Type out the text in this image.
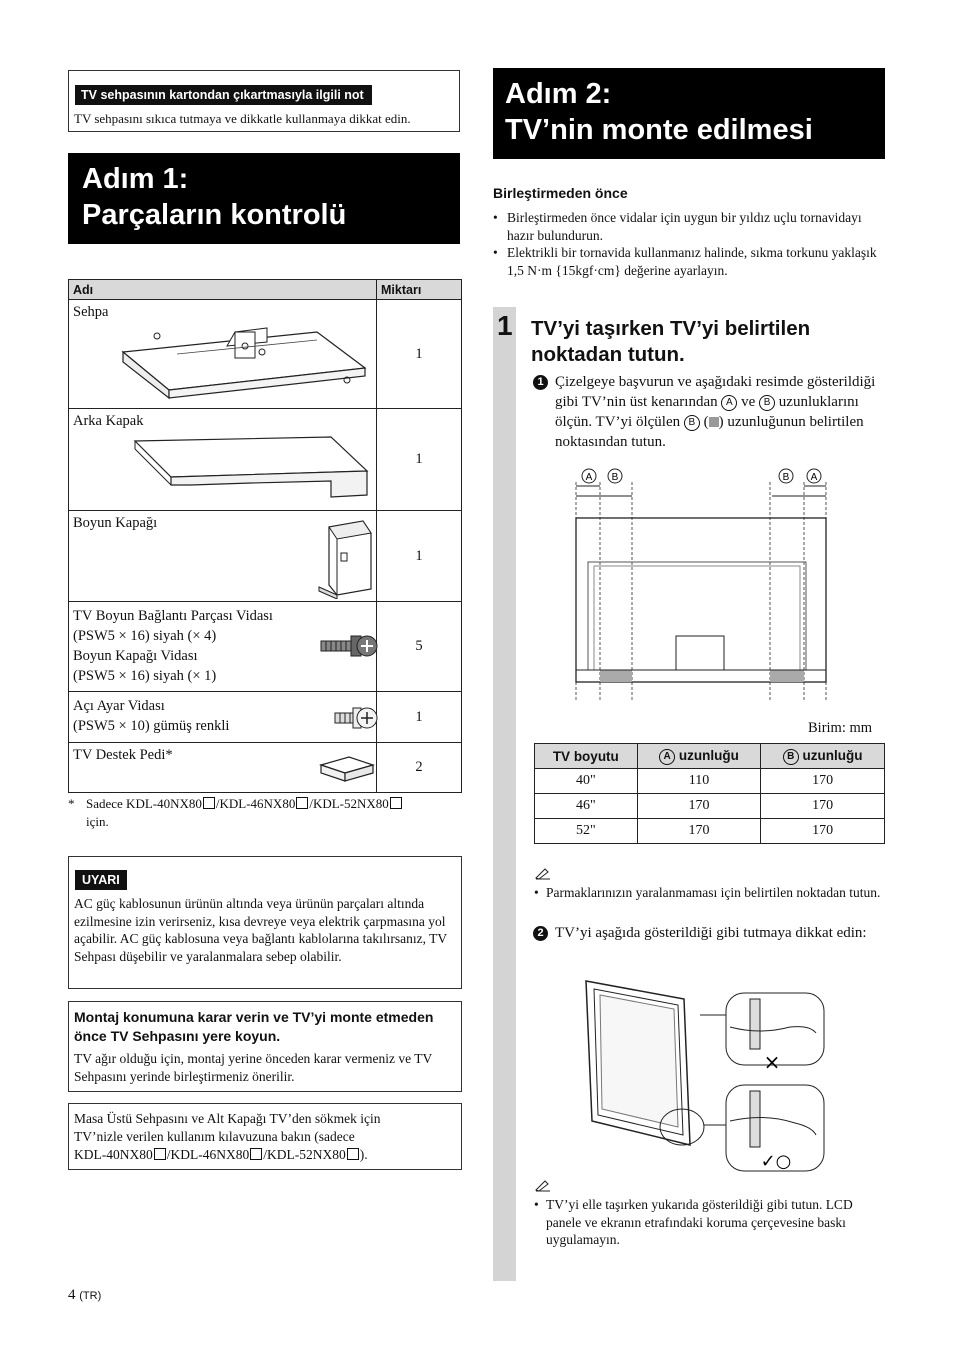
TV sehpasının kartondan çıkartmasıyla ilgili not
TV sehpasını sıkıca tutmaya ve dikkatle kullanmaya dikkat edin.
Adım 1:
Parçaların kontrolü
Adı	Miktarı
Sehpa	1
Arka Kapak	1
Boyun Kapağı	1

TV Boyun Bağlantı Parçası Vidası
(PSW5 × 16) siyah (× 4)
Boyun Kapağı Vidası
(PSW5 × 16) siyah (× 1)	5

Açı Ayar Vidası
(PSW5 × 10) gümüş renkli	1
TV Destek Pedi*	2
* Sadece KDL-40NX80 /KDL-46NX80 /KDL-52NX80
için.
UYARI
AC güç kablosunun ürünün altında veya ürünün parçaları altında ezilmesine izin verirseniz, kısa devreye veya elektrik çarpmasına yol açabilir. AC güç kablosuna veya bağlantı kablolarına takılırsanız, TV Sehpası düşebilir ve yaralanmalara sebep olabilir.
Montaj konumuna karar verin ve TV’yi monte etmeden önce TV Sehpasını yere koyun.
TV ağır olduğu için, montaj yerine önceden karar vermeniz ve TV Sehpasını yerinde birleştirmeniz önerilir.
Masa Üstü Sehpasını ve Alt Kapağı TV’den sökmek için
TV’nizle verilen kullanım kılavuzuna bakın (sadece
KDL-40NX80 /KDL-46NX80 /KDL-52NX80 ).
Adım 2:
TV’nin monte edilmesi
Birleştirmeden önce
• Birleştirmeden önce vidalar için uygun bir yıldız uçlu tornavidayı hazır bulundurun.
• Elektrikli bir tornavida kullanmanız halinde, sıkma torkunu yaklaşık 1,5 N·m {15kgf·cm} değerine ayarlayın.
1 TV’yi taşırken TV’yi belirtilen noktadan tutun.
1 Çizelgeye başvurun ve aşağıdaki resimde gösterildiği gibi TV’nin üst kenarından A ve B uzunluklarını ölçün. TV’yi ölçülen B ( ) uzunluğunun belirtilen noktasından tutun.
A B	B A
Birim: mm
TV boyutu	A uzunluğu	B uzunluğu
40"	110	170
46"	170	170
52"	170	170
• Parmaklarınızın yaralanmaması için belirtilen noktadan tutun.
2 TV’yi aşağıda gösterildiği gibi tutmaya dikkat edin:
×
✓○
• TV’yi elle taşırken yukarıda gösterildiği gibi tutun. LCD panele ve ekranın etrafındaki koruma çerçevesine baskı uygulamayın.
4 (TR)
